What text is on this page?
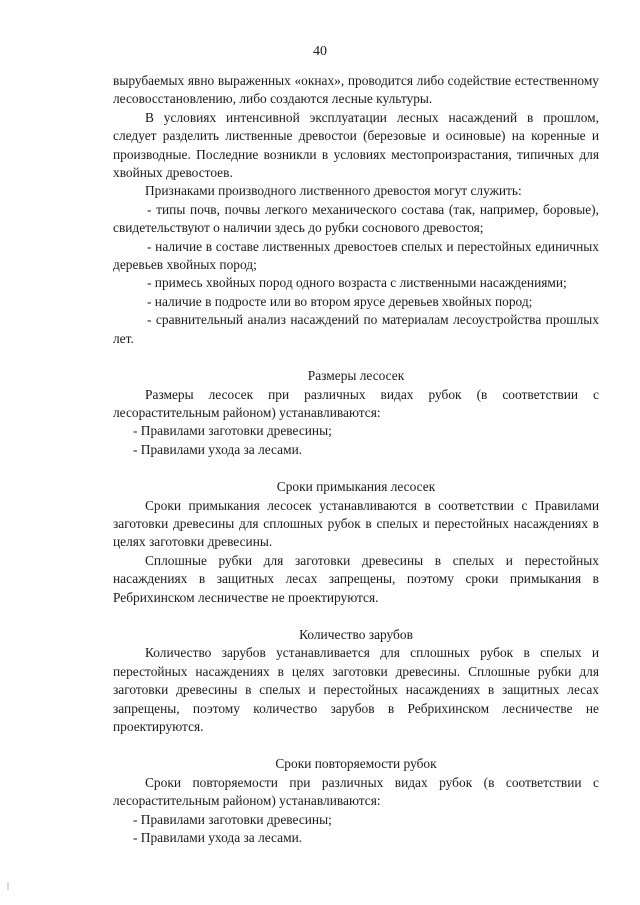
40

вырубаемых явно выраженных «окнах», проводится либо содействие естественному лесовосстановлению, либо создаются лесные культуры.

В условиях интенсивной эксплуатации лесных насаждений в прошлом, следует разделить лиственные древостои (березовые и осиновые) на коренные и производные. Последние возникли в условиях местопроизрастания, типичных для хвойных древостоев.

Признаками производного лиственного древостоя могут служить:

- типы почв, почвы легкого механического состава (так, например, боровые), свидетельствуют о наличии здесь до рубки соснового древостоя;

- наличие в составе лиственных древостоев спелых и перестойных единичных деревьев хвойных пород;

- примесь хвойных пород одного возраста с лиственными насаждениями;

- наличие в подросте или во втором ярусе деревьев хвойных пород;

- сравнительный анализ насаждений по материалам лесоустройства прошлых лет.

Размеры лесосек

Размеры лесосек при различных видах рубок (в соответствии с лесорастительным районом) устанавливаются:

- Правилами заготовки древесины;

- Правилами ухода за лесами.

Сроки примыкания лесосек

Сроки примыкания лесосек устанавливаются в соответствии с Правилами заготовки древесины для сплошных рубок в спелых и перестойных насаждениях в целях заготовки древесины.

Сплошные рубки для заготовки древесины в спелых и перестойных насаждениях в защитных лесах запрещены, поэтому сроки примыкания в Ребрихинском лесничестве не проектируются.

Количество зарубов

Количество зарубов устанавливается для сплошных рубок в спелых и перестойных насаждениях в целях заготовки древесины. Сплошные рубки для заготовки древесины в спелых и перестойных насаждениях в защитных лесах запрещены, поэтому количество зарубов в Ребрихинском лесничестве не проектируются.

Сроки повторяемости рубок

Сроки повторяемости при различных видах рубок (в соответствии с лесорастительным районом) устанавливаются:

- Правилами заготовки древесины;

- Правилами ухода за лесами.
